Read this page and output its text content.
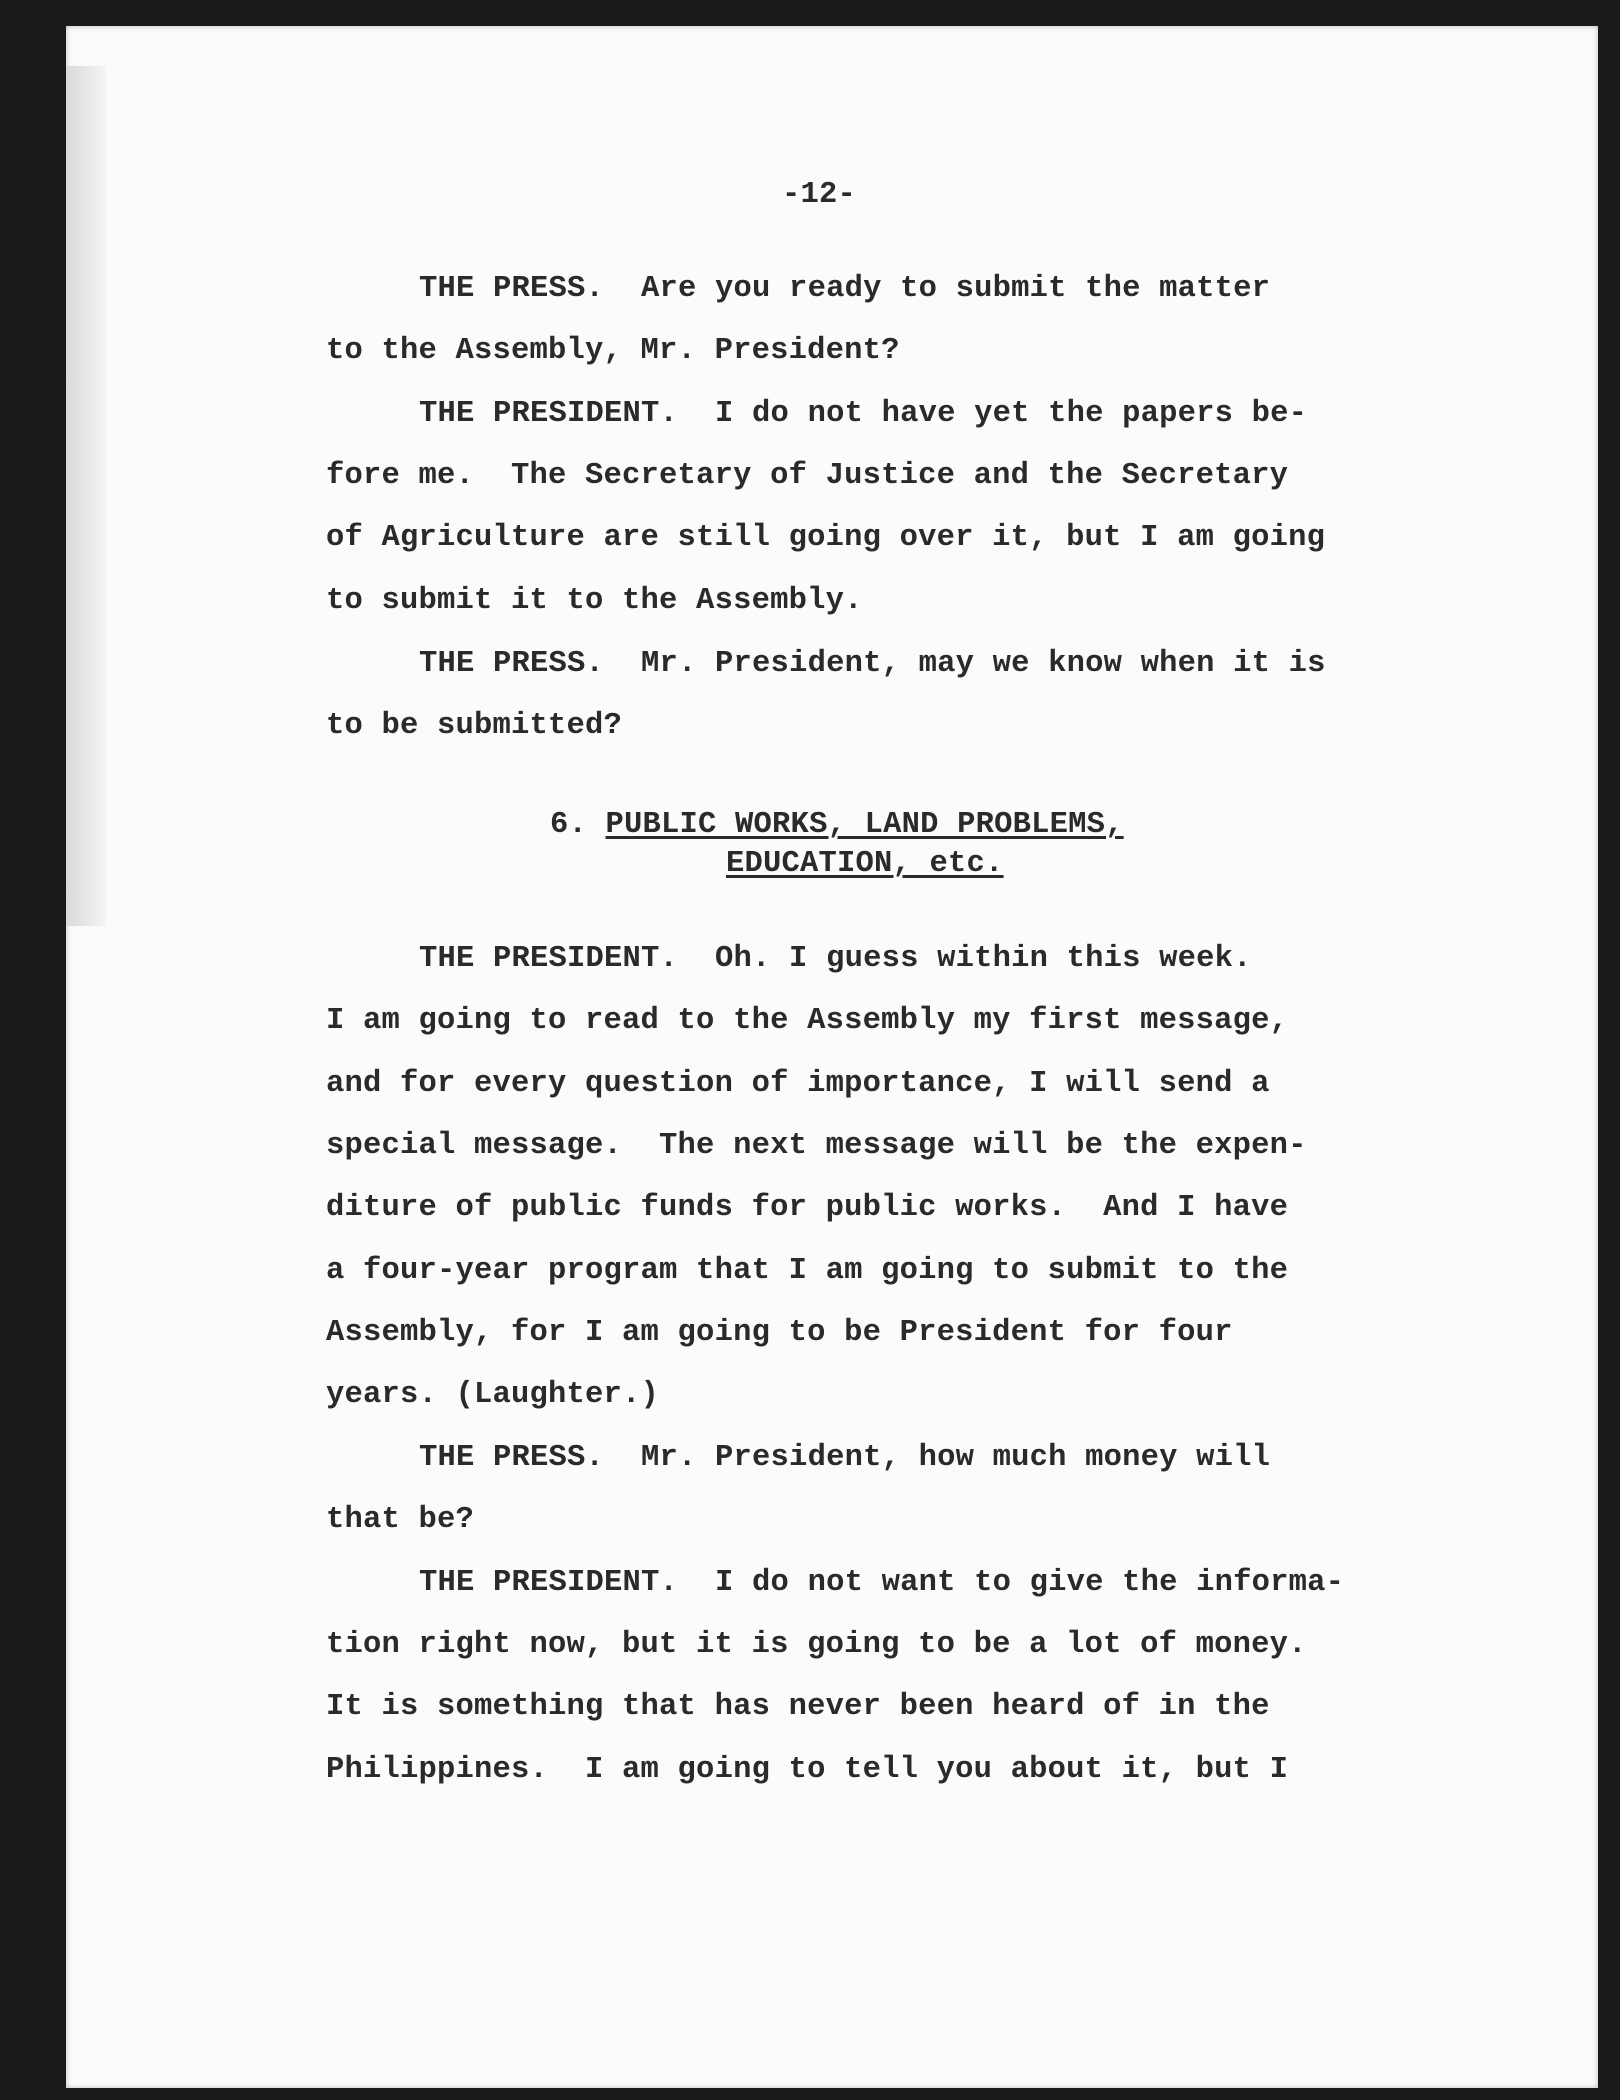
-12-
THE PRESS.  Are you ready to submit the matter
to the Assembly, Mr. President?
THE PRESIDENT.  I do not have yet the papers be-
fore me.  The Secretary of Justice and the Secretary
of Agriculture are still going over it, but I am going
to submit it to the Assembly.
THE PRESS.  Mr. President, may we know when it is
to be submitted?
6. PUBLIC WORKS, LAND PROBLEMS,
EDUCATION, etc.
THE PRESIDENT.  Oh. I guess within this week.
I am going to read to the Assembly my first message,
and for every question of importance, I will send a
special message.  The next message will be the expen-
diture of public funds for public works.  And I have
a four-year program that I am going to submit to the
Assembly, for I am going to be President for four
years. (Laughter.)
THE PRESS.  Mr. President, how much money will
that be?
THE PRESIDENT.  I do not want to give the informa-
tion right now, but it is going to be a lot of money.
It is something that has never been heard of in the
Philippines.  I am going to tell you about it, but I
